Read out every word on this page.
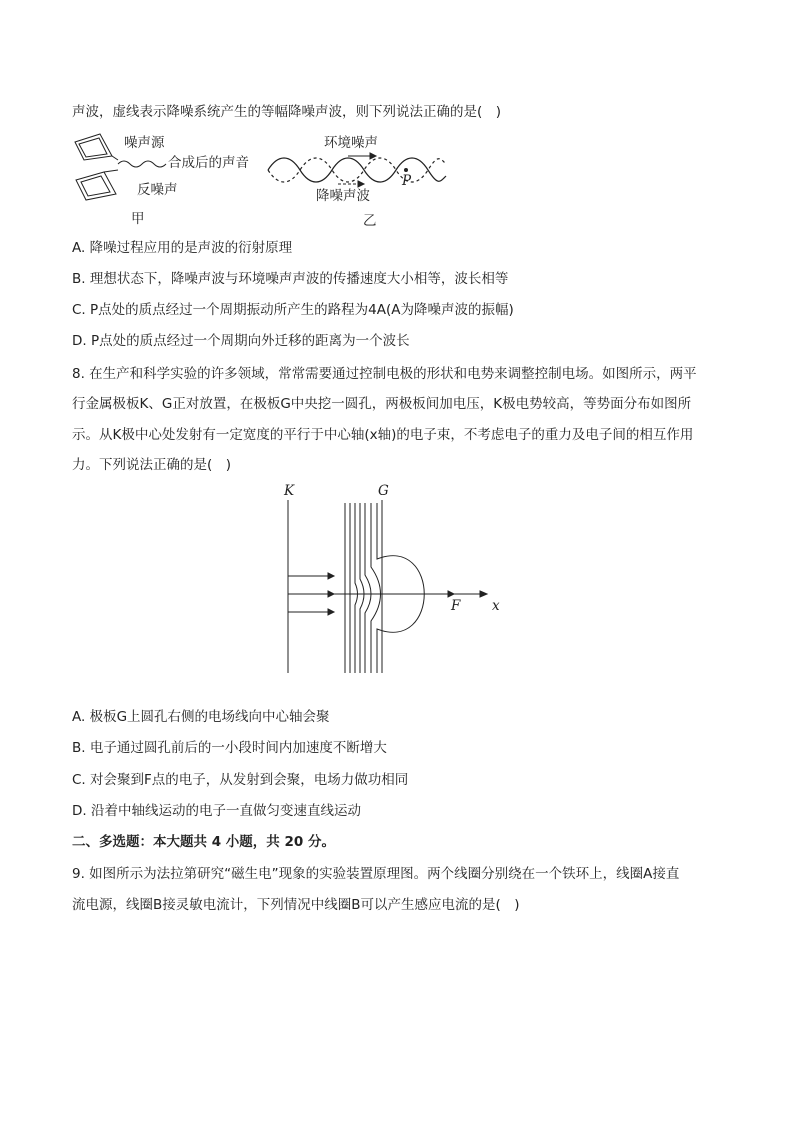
声波，虚线表示降噪系统产生的等幅降噪声波，则下列说法正确的是(　)
噪声源
合成后的声音
反噪声
甲
环境噪声
P
降噪声波
乙
A. 降噪过程应用的是声波的衍射原理
B. 理想状态下，降噪声波与环境噪声声波的传播速度大小相等，波长相等
C. P点处的质点经过一个周期振动所产生的路程为4A(A为降噪声波的振幅)
D. P点处的质点经过一个周期向外迁移的距离为一个波长
8. 在生产和科学实验的许多领域，常常需要通过控制电极的形状和电势来调整控制电场。如图所示，两平
行金属极板K、G正对放置，在极板G中央挖一圆孔，两极板间加电压，K极电势较高，等势面分布如图所
示。从K极中心处发射有一定宽度的平行于中心轴(x轴)的电子束，不考虑电子的重力及电子间的相互作用
力。下列说法正确的是(　)
K	G
F x
A. 极板G上圆孔右侧的电场线向中心轴会聚
B. 电子通过圆孔前后的一小段时间内加速度不断增大
C. 对会聚到F点的电子，从发射到会聚，电场力做功相同
D. 沿着中轴线运动的电子一直做匀变速直线运动
二、多选题：本大题共 4 小题，共 20 分。
9. 如图所示为法拉第研究“磁生电”现象的实验装置原理图。两个线圈分别绕在一个铁环上，线圈A接直
流电源，线圈B接灵敏电流计，下列情况中线圈B可以产生感应电流的是(　)
